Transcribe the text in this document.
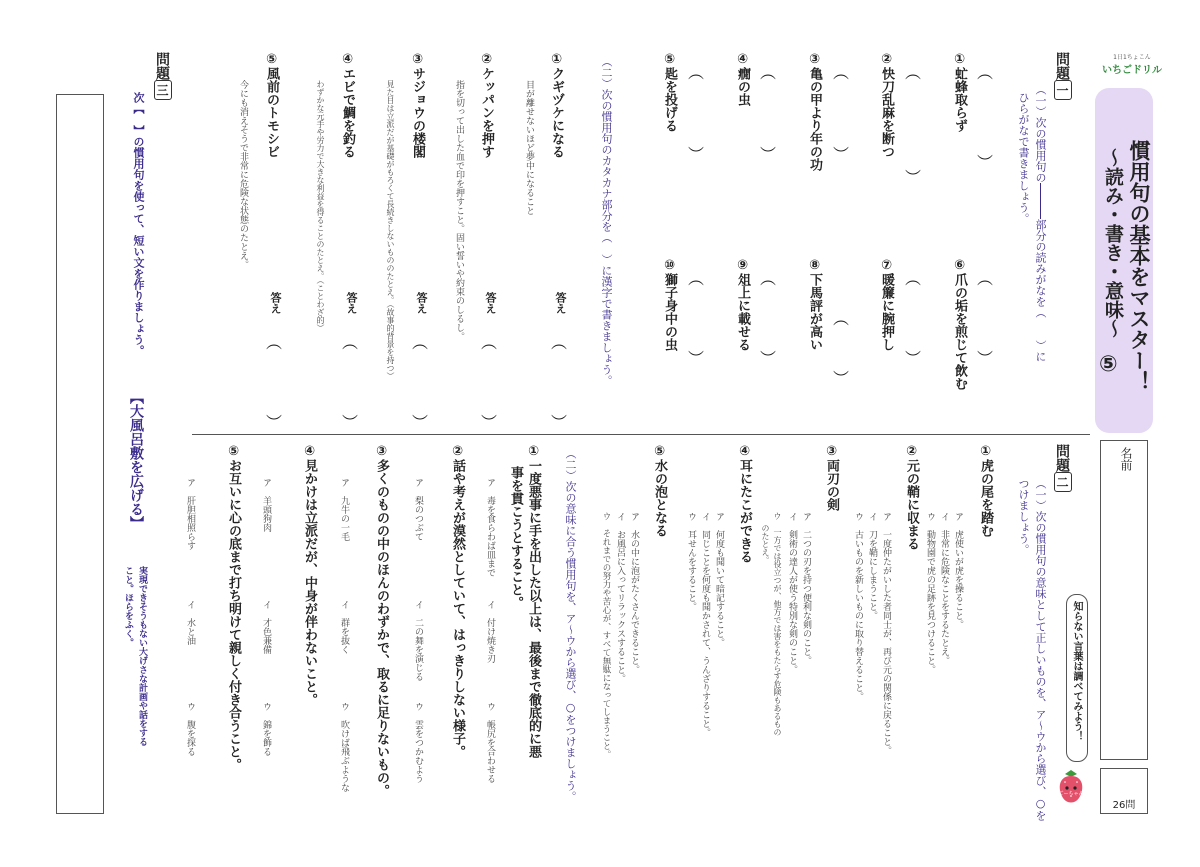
1日1ちょこん
いちごドリル
慣用句の基本をマスター！
～読み・書き・意味～
⑤
名前
26問
問題一
（一）次の慣用句の部分の読みがなを（　　）に
ひらがなで書きましょう。
①虻蜂取らず
②快刀乱麻を断つ
③亀の甲より年の功
④癇の虫
⑤匙を投げる	︵
︶
︵
︶
︵
︶
︵
︶
︵
︶
⑥爪の垢を煎じて飲む
⑦暖簾に腕押し
⑧下馬評が高い
⑨俎上に載せる
⑩獅子身中の虫	︵
︶
︵
︶
︵
︶
︵
︶
︵
︶
（二）次の慣用句のカタカナ部分を（　）に漢字で書きましょう。
①クギヅケになる
目が離せないほど夢中になること
答え
︵

︶
②ケッパンを押す
指を切って出した血で印を押すこと。固い誓いや約束のしるし。 答え
︵

︶
③サジョウの楼閣
見た目は立派だが基礎がもろくて長続きしないもののたとえ。（故事的背景を持つ） 答え
︵

︶
④エビで鯛を釣る
わずかな元手や労力で大きな利益を得ることのたとえ。（ことわざ的） 答え
︵

︶
⑤風前のトモシビ
今にも消えそうで非常に危険な状態のたとえ。
答え
︵

︶
問題二
（一）次の慣用句の意味として正しいものを、ア～ウから選び、○を
つけましょう。
知らない言葉は調べてみよう！
ごーちゃん
①虎の尾を踏む
ア　虎使いが虎を操ること。
イ　非常に危険なことをするたとえ。
ウ　動物園で虎の足跡を見つけること。
②元の鞘に収まる
ア　一度仲たがいした者同士が、再び元の関係に戻ること。
イ　刀を鞘にしまうこと。
ウ　古いものを新しいものに取り替えること。
③両刃の剣
ア　二つの刃を持つ便利な剣のこと。
イ　剣術の達人が使う特別な剣のこと。
ウ　一方では役立つが、他方では害をもたらす危険もあるもの
のたとえ。
④耳にたこができる
ア　何度も聞いて暗記すること。
イ　同じことを何度も聞かされて、うんざりすること。
ウ　耳せんをすること。
⑤水の泡となる
ア　水の中に泡がたくさんできること。
イ　お風呂に入ってリラックスすること。
ウ　それまでの努力や苦心が、すべて無駄になってしまうこと。
（二）次の意味に合う慣用句を、ア～ウから選び、○をつけましょう。
①一度悪事に手を出した以上は、最後まで徹底的に悪
事を貫こうとすること。
ア　毒を食らわば皿まで
イ　付け焼き刃
ウ　帳尻を合わせる
②話や考えが漠然としていて、はっきりしない様子。
ア　梨のつぶて
イ　二の舞を演じる
ウ　雲をつかむよう
③多くのものの中のほんのわずかで、取るに足りないもの。
ア　九牛の一毛
イ　群を抜く
ウ　吹けば飛ぶような
④見かけは立派だが、中身が伴わないこと。
ア　羊頭狗肉
イ　才色兼備
ウ　錦を飾る
⑤お互いに心の底まで打ち明けて親しく付き合うこと。
ア　肝胆相照らす
イ　水と油
ウ　腹を探る
問題三
次【　】の慣用句を使って、短い文を作りましょう。
【大風呂敷を広げる】
実現できそうもない大げさな計画や話をする
こと。ほらをふく。
